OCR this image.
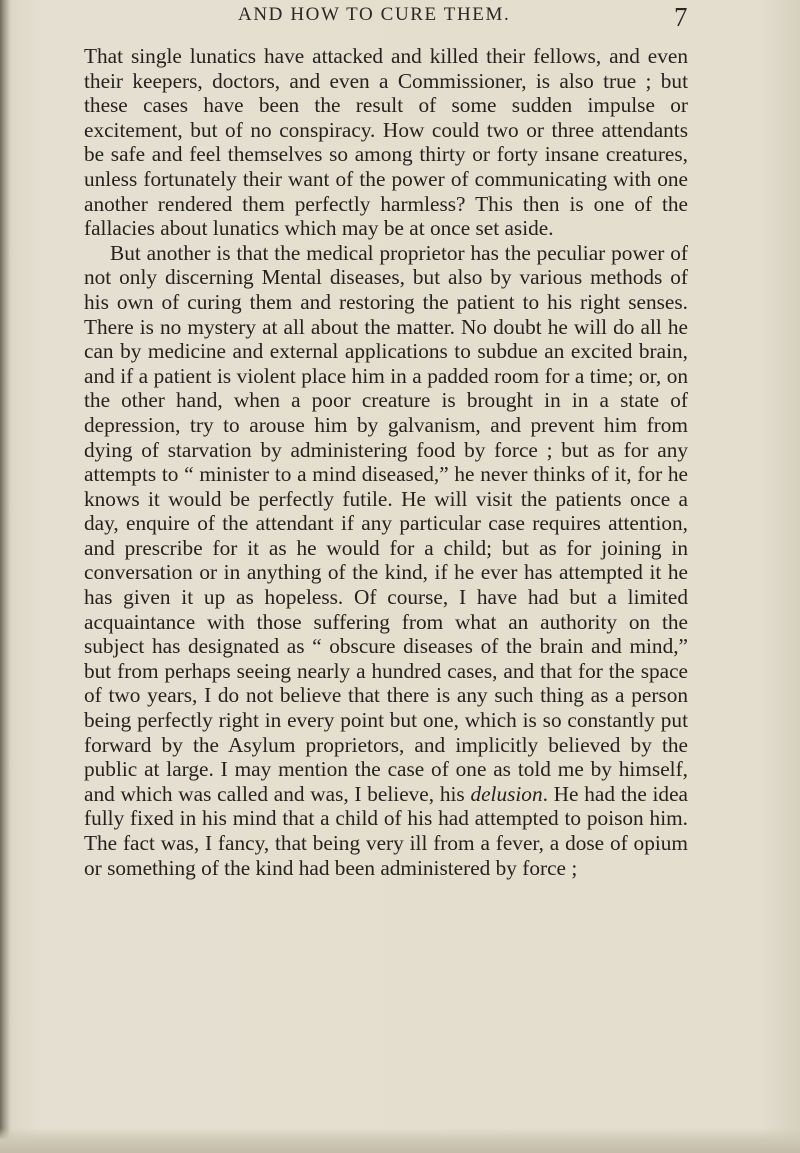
AND HOW TO CURE THEM.	7

That single lunatics have attacked and killed their fellows, and even their keepers, doctors, and even a Commissioner, is also true ; but these cases have been the result of some sudden impulse or excitement, but of no conspiracy. How could two or three attendants be safe and feel themselves so among thirty or forty insane creatures, unless fortunately their want of the power of communicating with one another rendered them perfectly harmless? This then is one of the fallacies about lunatics which may be at once set aside.

But another is that the medical proprietor has the peculiar power of not only discerning Mental diseases, but also by various methods of his own of curing them and restoring the patient to his right senses. There is no mystery at all about the matter. No doubt he will do all he can by medicine and external applications to subdue an excited brain, and if a patient is violent place him in a padded room for a time; or, on the other hand, when a poor creature is brought in in a state of depression, try to arouse him by galvanism, and prevent him from dying of starvation by administering food by force ; but as for any attempts to “ minister to a mind diseased,” he never thinks of it, for he knows it would be perfectly futile. He will visit the patients once a day, enquire of the attendant if any particular case requires attention, and prescribe for it as he would for a child; but as for joining in conversation or in anything of the kind, if he ever has attempted it he has given it up as hopeless. Of course, I have had but a limited acquaintance with those suffering from what an authority on the subject has designated as “ obscure diseases of the brain and mind,” but from perhaps seeing nearly a hundred cases, and that for the space of two years, I do not believe that there is any such thing as a person being perfectly right in every point but one, which is so constantly put forward by the Asylum proprietors, and implicitly believed by the public at large. I may mention the case of one as told me by himself, and which was called and was, I believe, his delusion. He had the idea fully fixed in his mind that a child of his had attempted to poison him. The fact was, I fancy, that being very ill from a fever, a dose of opium or something of the kind had been administered by force ;
